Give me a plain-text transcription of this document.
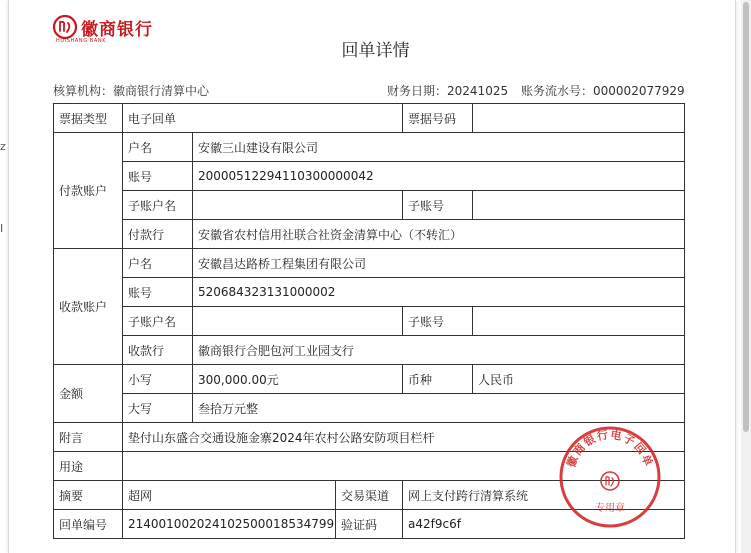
z
I
徽商银行
HUISHANG BANK	回单详情
核算机构：徽商银行清算中心	财务日期：20241025 账务流水号：000002077929
票据类型	电子回单			票据号码	
付款账户	户名	安徽三山建设有限公司			
	账号	20000512294110300000042			
	子账户名			子账号	
	付款行	安徽省农村信用社联合社资金清算中心（不转汇）			
收款账户	户名	安徽昌达路桥工程集团有限公司			
	账号	520684323131000002			
	子账户名			子账号	
	收款行	徽商银行合肥包河工业园支行			
金额	小写	300,000.00元		币种	人民币
	大写	叁拾万元整			
附言	垫付山东盛合交通设施金寨2024年农村公路安防项目栏杆				
用途					
摘要	超网		交易渠道	网上支付跨行清算系统	
回单编号	21400100202410250001853479​9		验证码	a42f9c6f	
徽商银行电子回单
专用章
